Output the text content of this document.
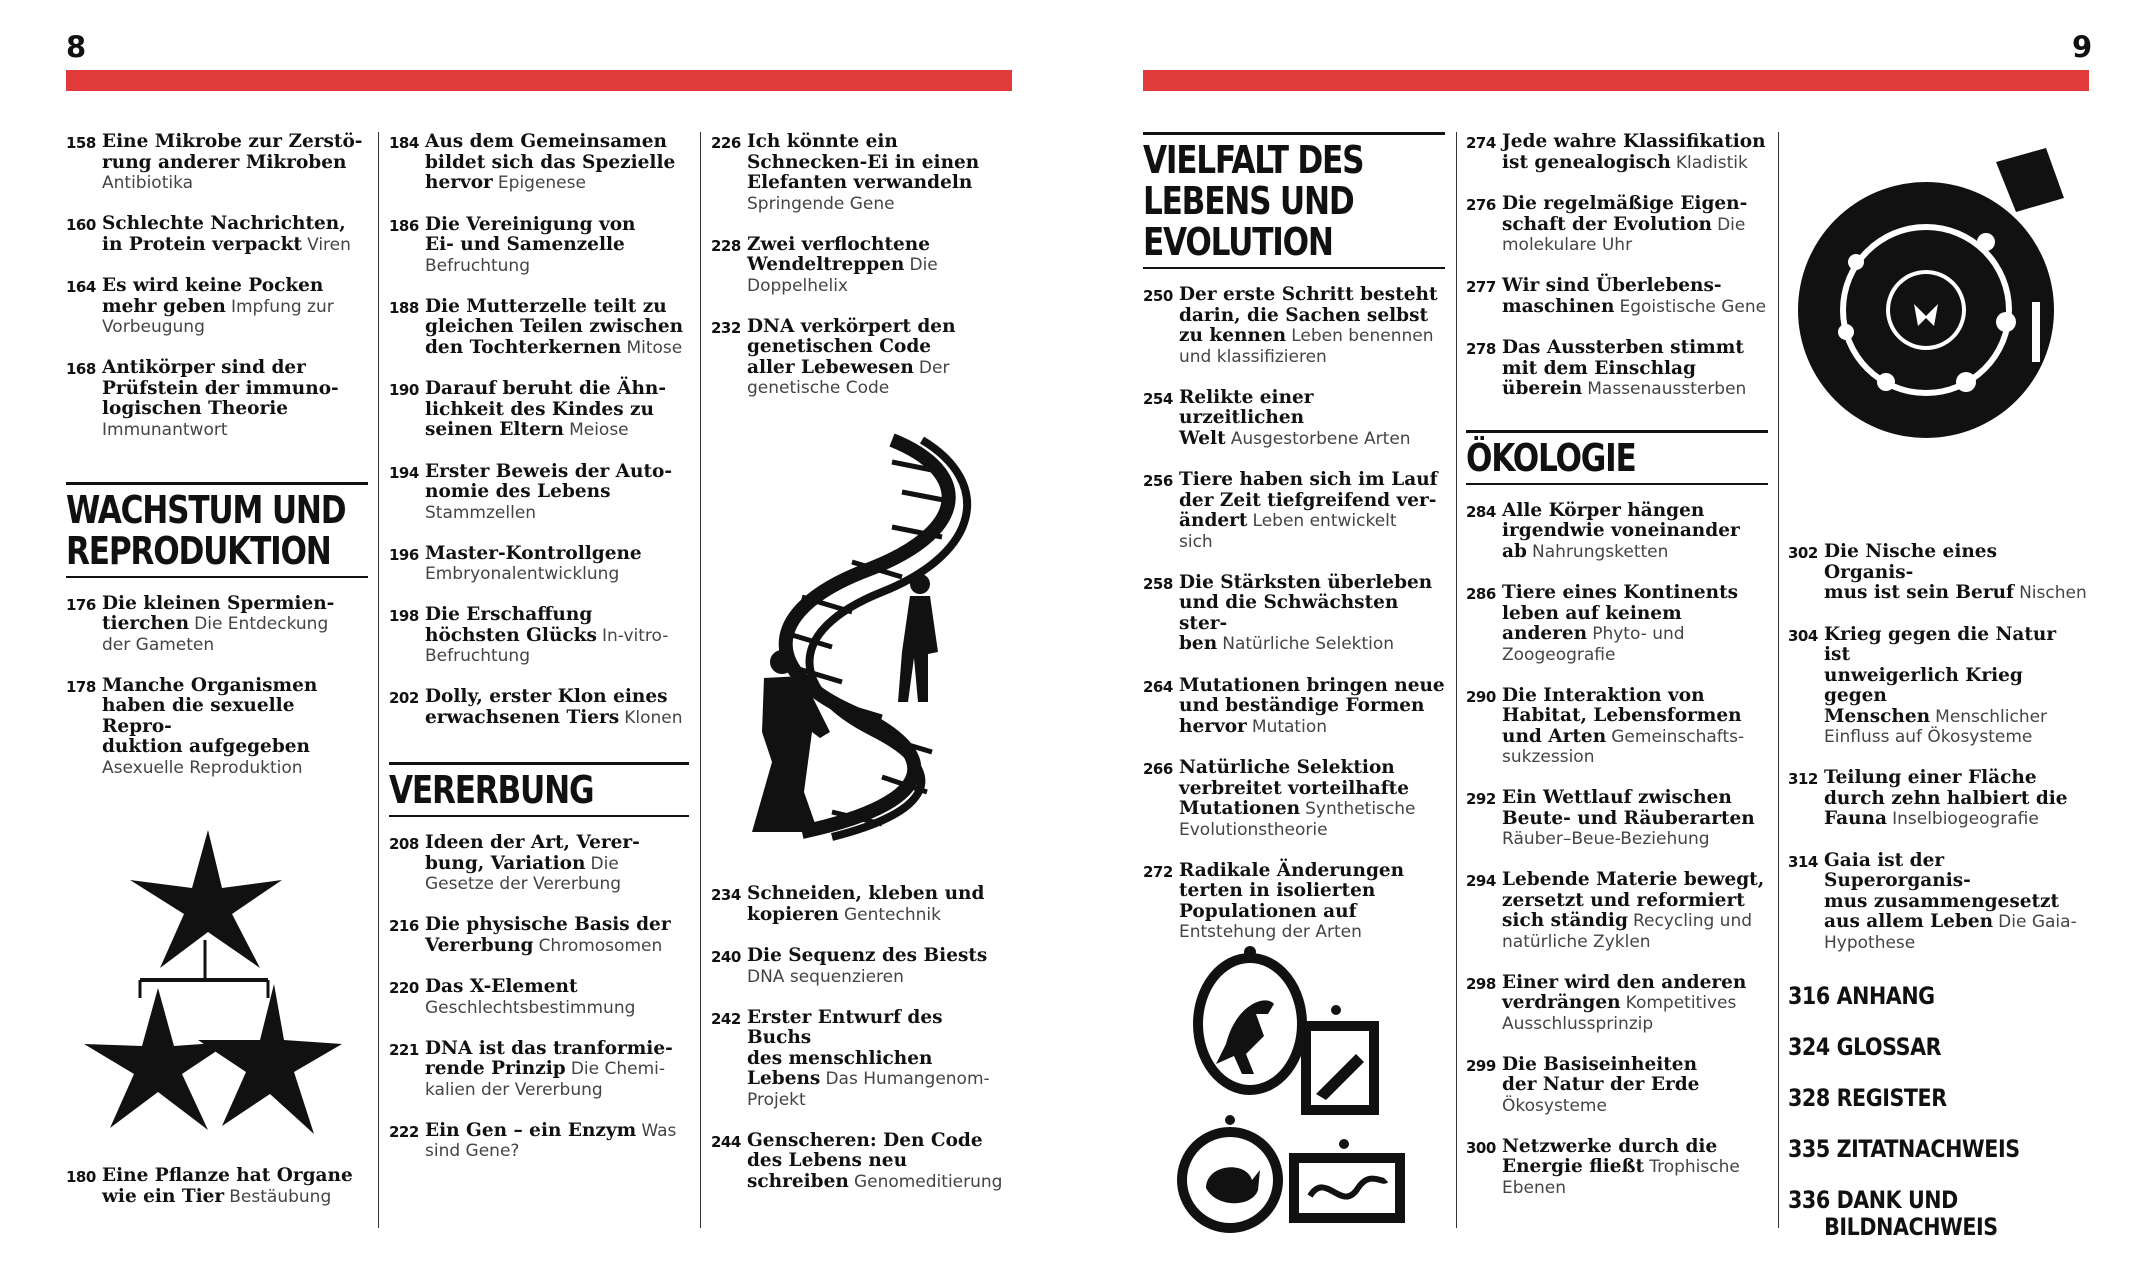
8	9
158 Eine Mikrobe zur Zerstö-
rung anderer Mikroben Antibiotika
160 Schlechte Nachrichten,
in Protein verpackt Viren
164 Es wird keine Pocken
mehr geben Impfung zur
Vorbeugung
168 Antikörper sind der
Prüfstein der immuno-
logischen Theorie Immunantwort
WACHSTUM UND
REPRODUKTION
176 Die kleinen Spermien-
tierchen Die Entdeckung
der Gameten
178 Manche Organismen
haben die sexuelle Repro-
duktion aufgegeben Asexuelle Reproduktion
180 Eine Pflanze hat Organe
wie ein Tier Bestäubung
184 Aus dem Gemeinsamen
bildet sich das Spezielle
hervor Epigenese
186 Die Vereinigung von
Ei- und Samenzelle Befruchtung
188 Die Mutterzelle teilt zu
gleichen Teilen zwischen
den Tochterkernen Mitose
190 Darauf beruht die Ähn-
lichkeit des Kindes zu
seinen Eltern Meiose
194 Erster Beweis der Auto-
nomie des Lebens Stammzellen
196 Master-Kontrollgene Embryonalentwicklung
198 Die Erschaffung
höchsten Glücks In-vitro-Befruchtung
202 Dolly, erster Klon eines
erwachsenen Tiers Klonen
VERERBUNG
208 Ideen der Art, Verer-
bung, Variation Die Gesetze der Vererbung
216 Die physische Basis der
Vererbung Chromosomen
220 Das X-Element Geschlechtsbestimmung
221 DNA ist das tranformie-
rende Prinzip Die Chemi-
kalien der Vererbung
222 Ein Gen – ein Enzym Was sind Gene?
226 Ich könnte ein
Schnecken-Ei in einen
Elefanten verwandeln Springende Gene
228 Zwei verflochtene
Wendeltreppen Die Doppelhelix
232 DNA verkörpert den
genetischen Code
aller Lebewesen Der genetische Code
234 Schneiden, kleben und
kopieren Gentechnik
240 Die Sequenz des Biests DNA sequenzieren
242 Erster Entwurf des Buchs
des menschlichen Lebens Das Humangenom-Projekt
244 Genscheren: Den Code
des Lebens neu schreiben Genomeditierung
VIELFALT DES
LEBENS UND
EVOLUTION
250 Der erste Schritt besteht
darin, die Sachen selbst
zu kennen Leben benennen
und klassifizieren
254 Relikte einer urzeitlichen
Welt Ausgestorbene Arten
256 Tiere haben sich im Lauf
der Zeit tiefgreifend ver-
ändert Leben entwickelt
sich
258 Die Stärksten überleben
und die Schwächsten ster-
ben Natürliche Selektion
264 Mutationen bringen neue
und beständige Formen
hervor Mutation
266 Natürliche Selektion
verbreitet vorteilhafte
Mutationen Synthetische
Evolutionstheorie
272 Radikale Änderungen
terten in isolierten
Populationen auf Entstehung der Arten
274 Jede wahre Klassifikation
ist genealogisch Kladistik
276 Die regelmäßige Eigen-
schaft der Evolution Die molekulare Uhr
277 Wir sind Überlebens-
maschinen Egoistische Gene
278 Das Aussterben stimmt
mit dem Einschlag
überein Massenaussterben
ÖKOLOGIE
284 Alle Körper hängen
irgendwie voneinander
ab Nahrungsketten
286 Tiere eines Kontinents
leben auf keinem anderen Phyto- und Zoogeografie
290 Die Interaktion von
Habitat, Lebensformen
und Arten Gemeinschafts-
sukzession
292 Ein Wettlauf zwischen
Beute- und Räuberarten Räuber–Beue-Beziehung
294 Lebende Materie bewegt,
zersetzt und reformiert
sich ständig Recycling und
natürliche Zyklen
298 Einer wird den anderen
verdrängen Kompetitives
Ausschlussprinzip
299 Die Basiseinheiten
der Natur der Erde Ökosysteme
300 Netzwerke durch die
Energie fließt Trophische Ebenen
302 Die Nische eines Organis-
mus ist sein Beruf Nischen
304 Krieg gegen die Natur ist
unweigerlich Krieg gegen
Menschen Menschlicher
Einfluss auf Ökosysteme
312 Teilung einer Fläche
durch zehn halbiert die
Fauna Inselbiogeografie
314 Gaia ist der Superorganis-
mus zusammengesetzt
aus allem Leben Die Gaia-Hypothese
316 ANHANG
324 GLOSSAR
328 REGISTER
335 ZITATNACHWEIS
336 DANK UND
BILDNACHWEIS
